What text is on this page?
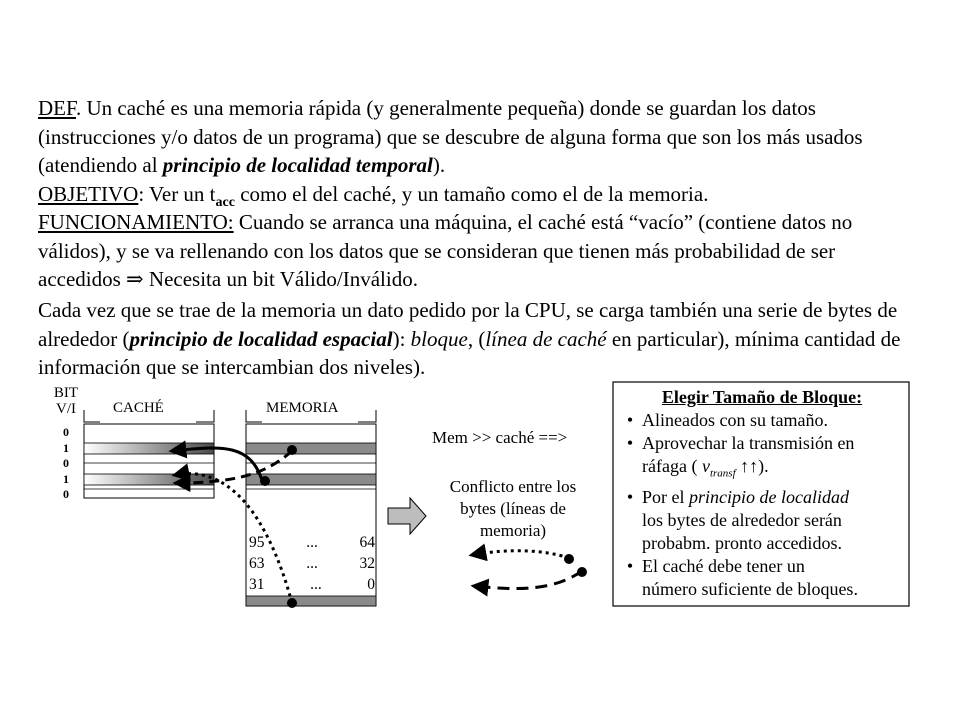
DEF. Un caché es una memoria rápida (y generalmente pequeña) donde se guardan los datos (instrucciones y/o datos de un programa) que se descubre de alguna forma que son los más usados (atendiendo al principio de localidad temporal).
OBJETIVO: Ver un $t_{acc}$ como el del caché, y un tamaño como el de la memoria.
FUNCIONAMIENTO: Cuando se arranca una máquina, el caché está “vacío” (contiene datos no válidos), y se va rellenando con los datos que se consideran que tienen más probabilidad de ser accedidos ⇒ Necesita un bit Válido/Inválido.
Cada vez que se trae de la memoria un dato pedido por la CPU, se carga también una serie de bytes de alrededor (principio de localidad espacial): bloque, (línea de caché en particular), mínima cantidad de información que se intercambian dos niveles).
BIT
V/I
0
1
0
1
0
CACHÉ	MEMORIA
95	...	64
63	...	32
31	...	0
Mem >> caché ==>
Conflicto entre los
bytes (líneas de
memoria)
Elegir Tamaño de Bloque:
• Alineados con su tamaño.
• Aprovechar la transmisión en
ráfaga ( $v_{transf}$ ↑↑).
• Por el principio de localidad
los bytes de alrededor serán
probabm. pronto accedidos.
• El caché debe tener un
número suficiente de bloques.
